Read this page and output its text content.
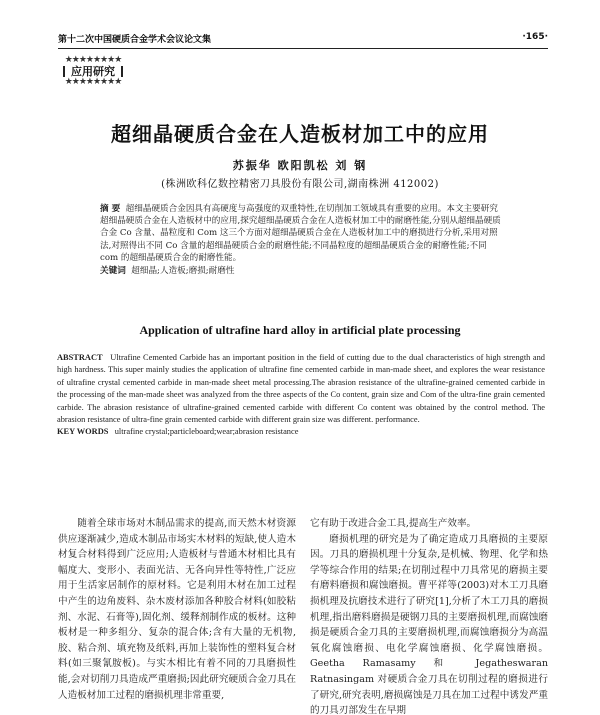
第十二次中国硬质合金学术会议论文集	·165·
★★★★★★★★
应用研究
★★★★★★★★
超细晶硬质合金在人造板材加工中的应用
苏振华 欧阳凯松 刘 钢
(株洲欧科亿数控精密刀具股份有限公司,湖南株洲 412002)
摘 要 超细晶硬质合金因具有高硬度与高强度的双重特性,在切削加工领域具有重要的应用。本文主要研究超细晶硬质合金在人造板材中的应用,探究超细晶硬质合金在人造板材加工中的耐磨性能,分别从超细晶硬质合金 Co 含量、晶粒度和 Com 这三个方面对超细晶硬质合金在人造板材加工中的磨损进行分析,采用对照法,对照得出不同 Co 含量的超细晶硬质合金的耐磨性能;不同晶粒度的超细晶硬质合金的耐磨性能;不同 com 的超细晶硬质合金的耐磨性能。
关键词 超细晶;人造板;磨损;耐磨性
Application of ultrafine hard alloy in artificial plate processing
ABSTRACT Ultrafine Cemented Carbide has an important position in the field of cutting due to the dual characteristics of high strength and high hardness. This super mainly studies the application of ultrafine fine cemented carbide in man-made sheet, and explores the wear resistance of ultrafine crystal cemented carbide in man-made sheet metal processing.The abrasion resistance of the ultrafine-grained cemented carbide in the processing of the man-made sheet was analyzed from the three aspects of the Co content, grain size and Com of the ultra-fine grain cemented carbide. The abrasion resistance of ultrafine-grained cemented carbide with different Co content was obtained by the control method. The abrasion resistance of ultra-fine grain cemented carbide with different grain size was different. performance.
KEY WORDS ultrafine crystal;particleboard;wear;abrasion resistance

随着全球市场对木制品需求的提高,而天然木材资源供应逐渐减少,造成木制品市场实木材料的短缺,使人造木材复合材料得到广泛应用;人造板材与普通木材相比具有幅度大、变形小、表面光洁、无各向异性等特性,广泛应用于生活家居制作的原材料。它是利用木材在加工过程中产生的边角废料、杂木废材添加各种胶合材料(如胶粘剂、水泥、石膏等),固化剂、缓释剂制作成的板材。这种板材是一种多组分、复杂的混合体;含有大量的无机物,胶、粘合剂、填充物及纸料,再加上装饰性的塑料复合材料(如三聚氰胺板)。与实木相比有着不同的刀具磨损性能,会对切削刀具造成严重磨损;因此研究硬质合金刀具在人造板材加工过程的磨损机理非常重要,

它有助于改进合金工具,提高生产效率。

磨损机理的研究是为了确定造成刀具磨损的主要原因。刀具的磨损机理十分复杂,是机械、物理、化学和热学等综合作用的结果;在切削过程中刀具常见的磨损主要有磨料磨损和腐蚀磨损。曹平祥等(2003)对木工刀具磨损机理及抗磨技术进行了研究[1],分析了木工刀具的磨损机理,指出磨料磨损是硬钢刀具的主要磨损机理,而腐蚀磨损是硬质合金刀具的主要磨损机理,而腐蚀磨损分为高温氧化腐蚀磨损、电化学腐蚀磨损、化学腐蚀磨损。Geetha Ramasamy 和 Jegatheswaran Ratnasingam 对硬质合金刀具在切削过程的磨损进行了研究,研究表明,磨损腐蚀是刀具在加工过程中诱发严重的刀具刃部发生在早期
